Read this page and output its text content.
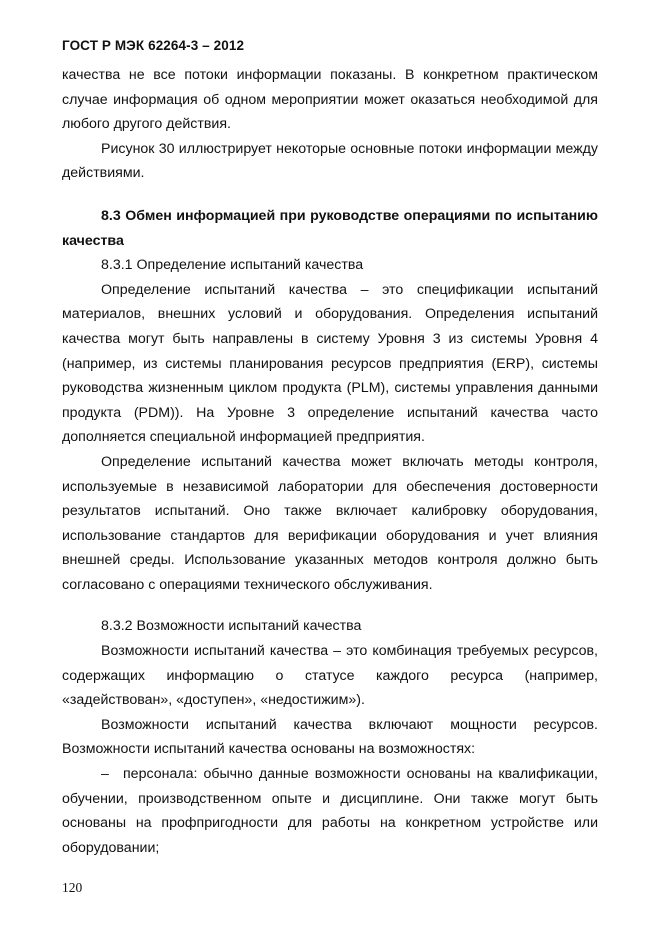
ГОСТ Р МЭК 62264-3 – 2012

качества не все потоки информации показаны. В конкретном практическом случае информация об одном мероприятии может оказаться необходимой для любого другого действия.

Рисунок 30 иллюстрирует некоторые основные потоки информации между действиями.

8.3 Обмен информацией при руководстве операциями по испытанию качества

8.3.1 Определение испытаний качества

Определение испытаний качества – это спецификации испытаний материалов, внешних условий и оборудования. Определения испытаний качества могут быть направлены в систему Уровня 3 из системы Уровня 4 (например, из системы планирования ресурсов предприятия (ERP), системы руководства жизненным циклом продукта (PLM), системы управления данными продукта (PDM)). На Уровне 3 определение испытаний качества часто дополняется специальной информацией предприятия.

Определение испытаний качества может включать методы контроля, используемые в независимой лаборатории для обеспечения достоверности результатов испытаний. Оно также включает калибровку оборудования, использование стандартов для верификации оборудования и учет влияния внешней среды. Использование указанных методов контроля должно быть согласовано с операциями технического обслуживания.

8.3.2 Возможности испытаний качества

Возможности испытаний качества – это комбинация требуемых ресурсов, содержащих информацию о статусе каждого ресурса (например, «задействован», «доступен», «недостижим»).

Возможности испытаний качества включают мощности ресурсов. Возможности испытаний качества основаны на возможностях:

– персонала: обычно данные возможности основаны на квалификации, обучении, производственном опыте и дисциплине. Они также могут быть основаны на профпригодности для работы на конкретном устройстве или оборудовании;

120
